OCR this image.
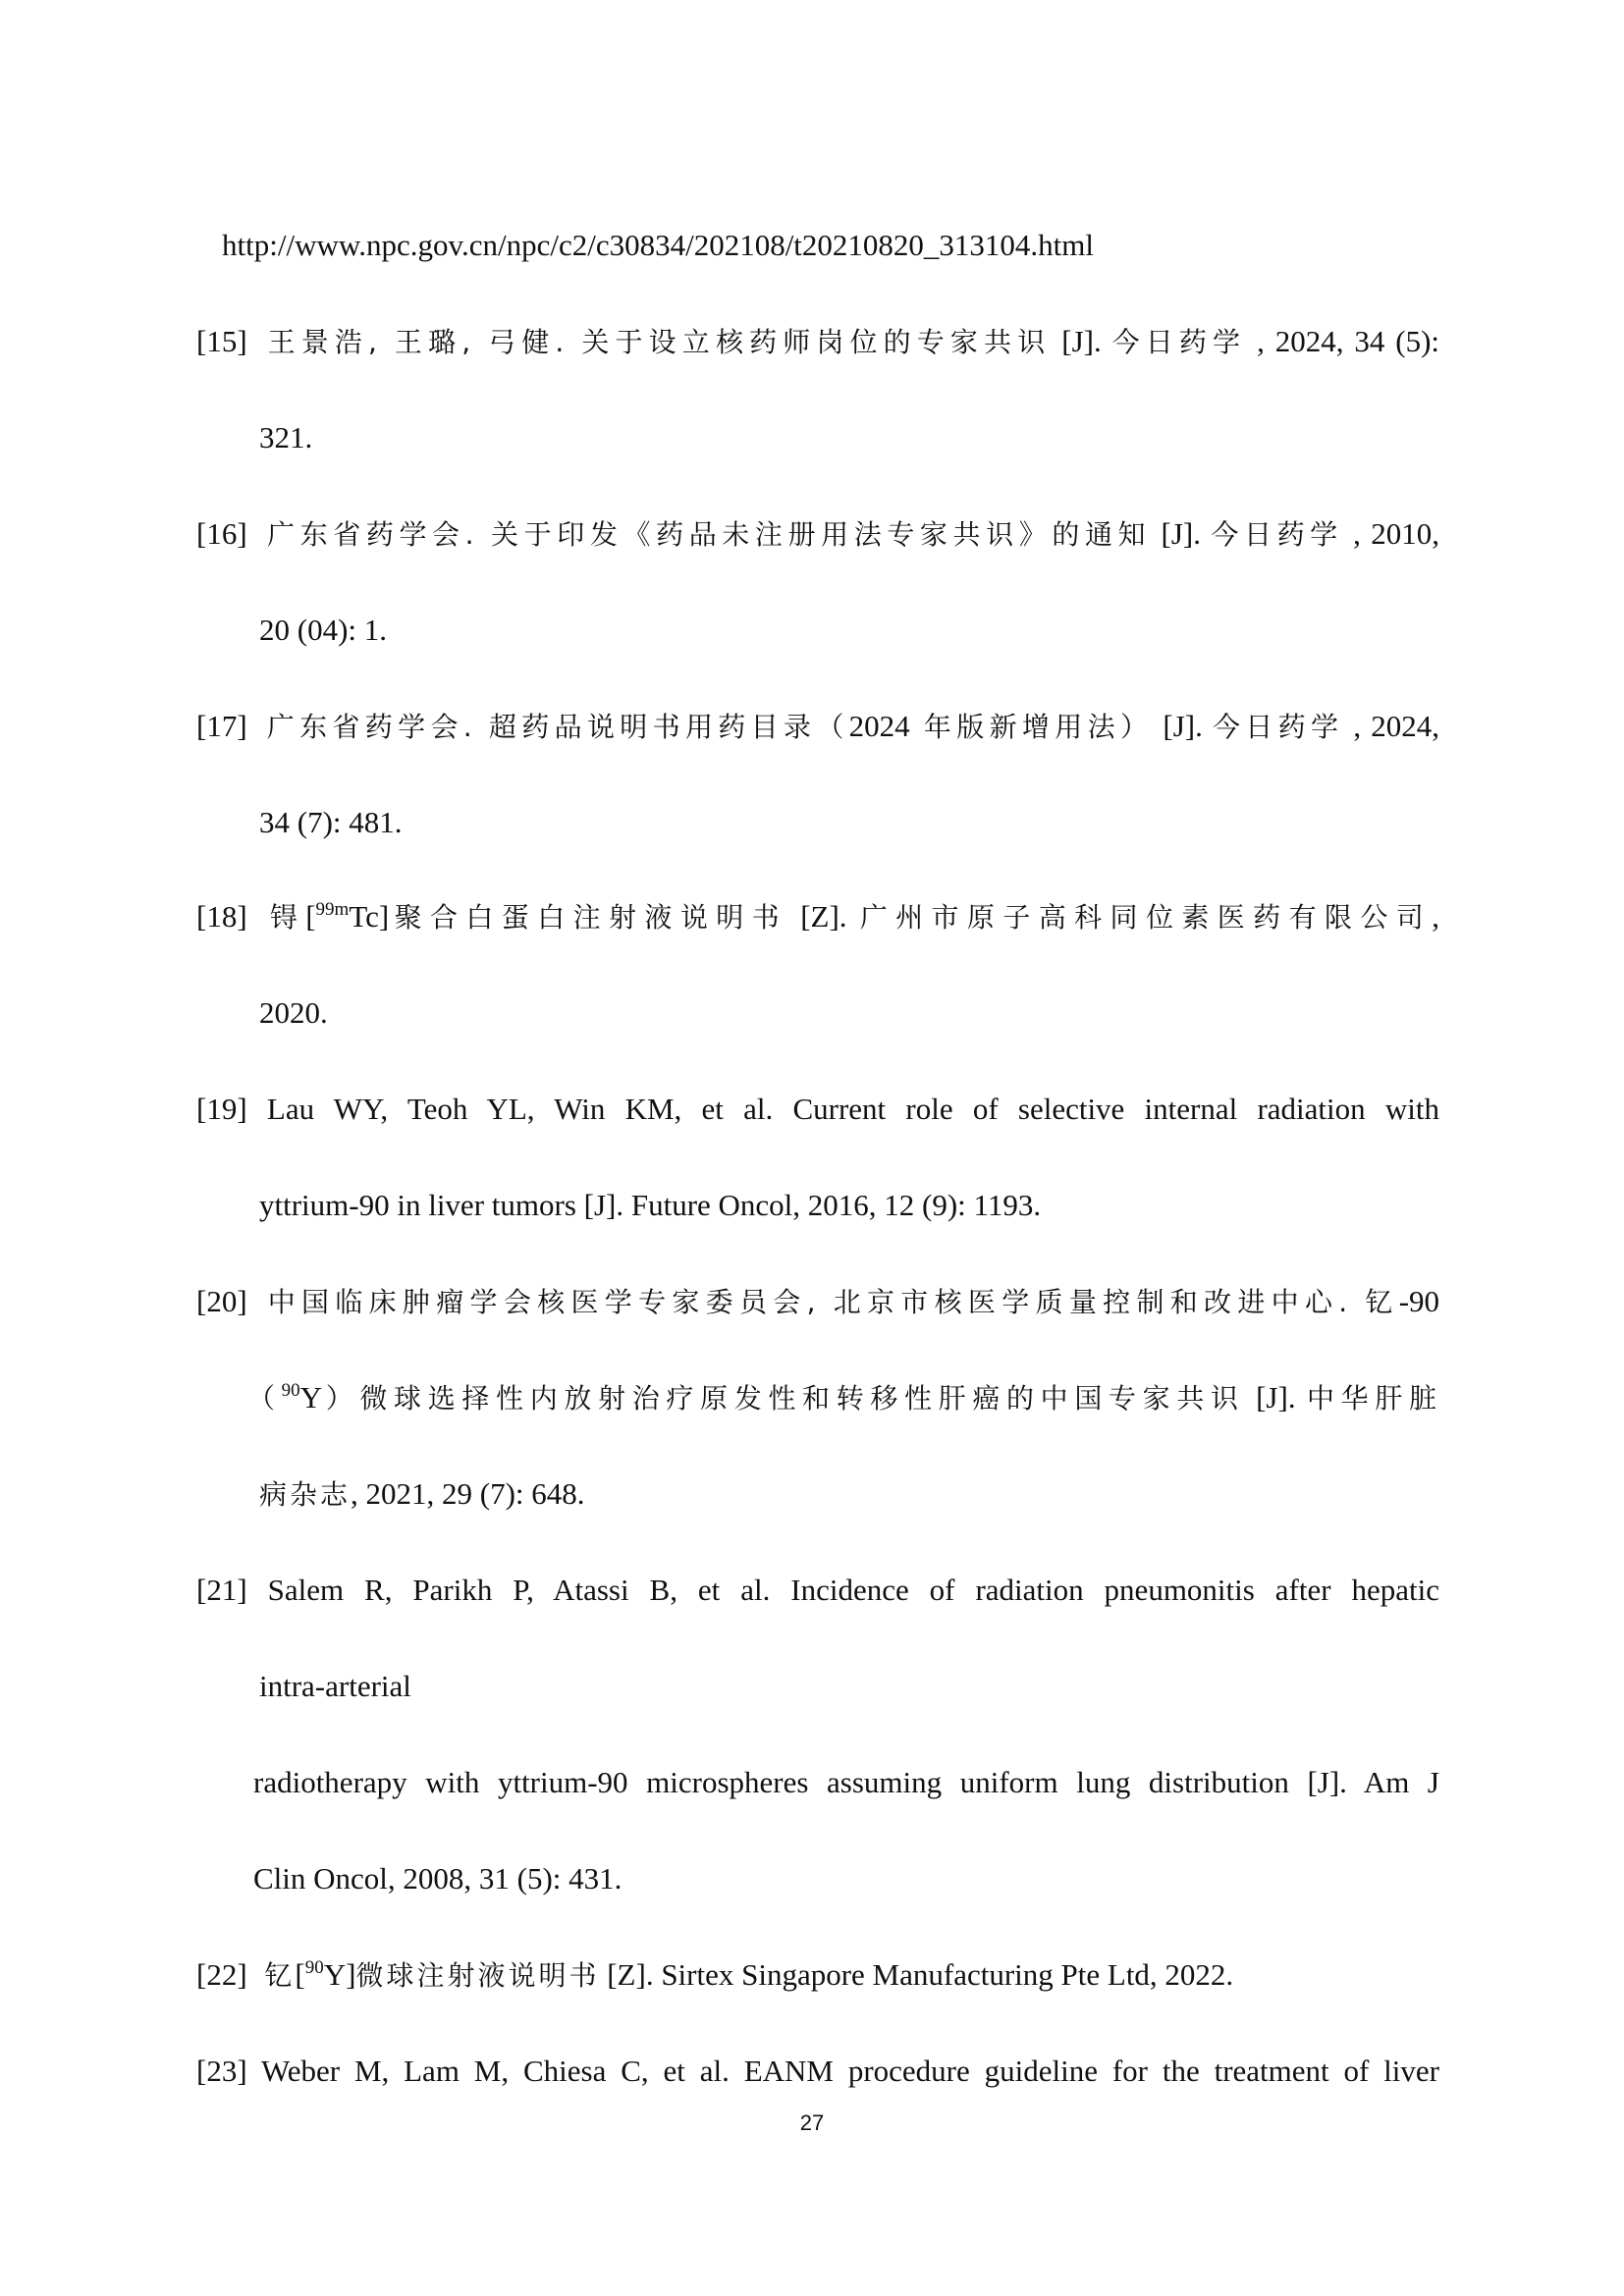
http://www.npc.gov.cn/npc/c2/c30834/202108/t20210820_313104.html
[15] 王景浩, 王璐, 弓健. 关于设立核药师岗位的专家共识 [J]. 今日药学 , 2024, 34 (5):
321.
[16] 广东省药学会. 关于印发《药品未注册用法专家共识》的通知 [J]. 今日药学 , 2010,
20 (04): 1.
[17] 广东省药学会. 超药品说明书用药目录（2024 年版新增用法） [J]. 今日药学 , 2024,
34 (7): 481.
[18] 锝[$^{99m}$Tc]聚合白蛋白注射液说明书 [Z]. 广州市原子高科同位素医药有限公司,
2020.
[19] Lau WY, Teoh YL, Win KM, et al. Current role of selective internal radiation with
yttrium-90 in liver tumors [J]. Future Oncol, 2016, 12 (9): 1193.
[20] 中国临床肿瘤学会核医学专家委员会, 北京市核医学质量控制和改进中心. 钇-90
（$^{90}$Y）微球选择性内放射治疗原发性和转移性肝癌的中国专家共识 [J]. 中华肝脏
病杂志, 2021, 29 (7): 648.
[21] Salem R, Parikh P, Atassi B, et al. Incidence of radiation pneumonitis after hepatic
intra-arterial
radiotherapy with yttrium-90 microspheres assuming uniform lung distribution [J]. Am J
Clin Oncol, 2008, 31 (5): 431.
[22] 钇[$^{90}$Y]微球注射液说明书 [Z]. Sirtex Singapore Manufacturing Pte Ltd, 2022.
[23] Weber M, Lam M, Chiesa C, et al. EANM procedure guideline for the treatment of liver
27
